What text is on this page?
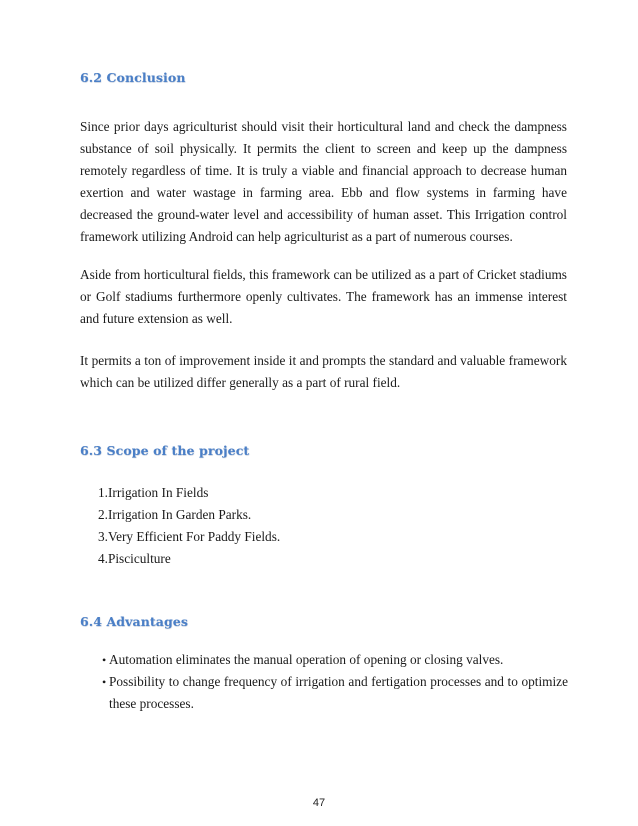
6.2 Conclusion

Since prior days agriculturist should visit their horticultural land and check the dampness substance of soil physically. It permits the client to screen and keep up the dampness remotely regardless of time. It is truly a viable and financial approach to decrease human exertion and water wastage in farming area. Ebb and flow systems in farming have decreased the ground-water level and accessibility of human asset. This Irrigation control framework utilizing Android can help agriculturist as a part of numerous courses.

Aside from horticultural fields, this framework can be utilized as a part of Cricket stadiums or Golf stadiums furthermore openly cultivates. The framework has an immense interest and future extension as well.

It permits a ton of improvement inside it and prompts the standard and valuable framework which can be utilized differ generally as a part of rural field.

6.3 Scope of the project
1.Irrigation In Fields
2.Irrigation In Garden Parks.
3.Very Efficient For Paddy Fields.
4.Pisciculture
6.4 Advantages
• Automation eliminates the manual operation of opening or closing valves.
• Possibility to change frequency of irrigation and fertigation processes and to optimize these processes.
47
